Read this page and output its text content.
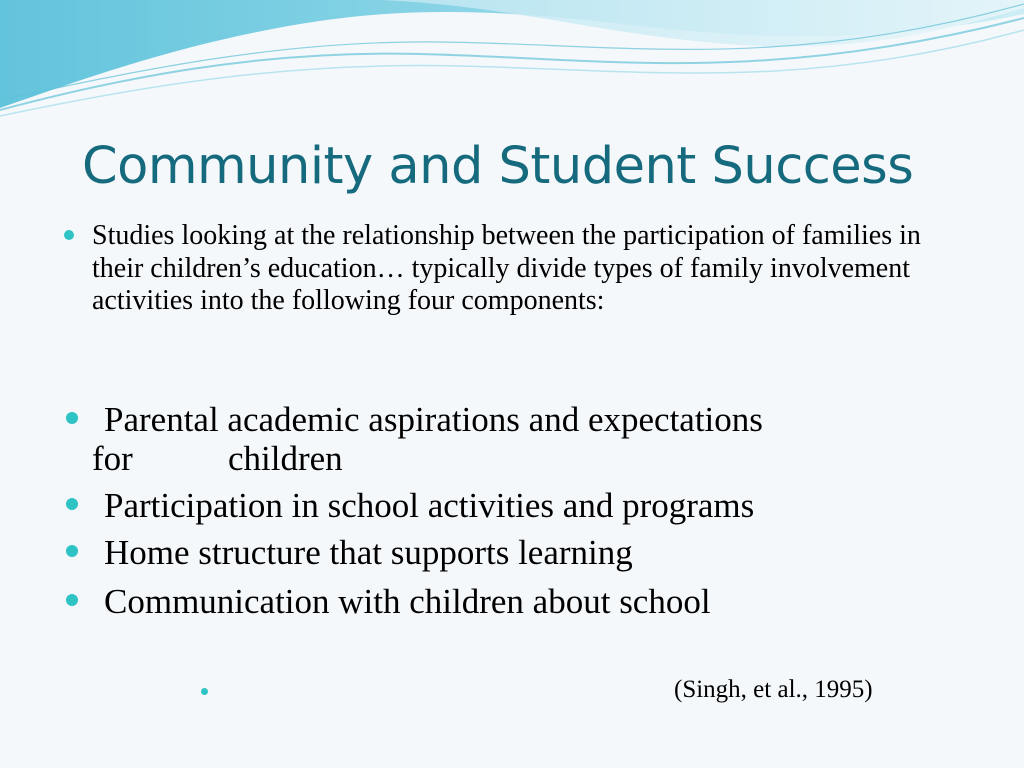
Community and Student Success

Studies looking at the relationship between the participation of families in their children’s education… typically divide types of family involvement activities into the following four components:

Parental academic aspirations and expectations
for	children
Participation in school activities and programs
Home structure that supports learning
Communication with children about school
(Singh, et al., 1995)
